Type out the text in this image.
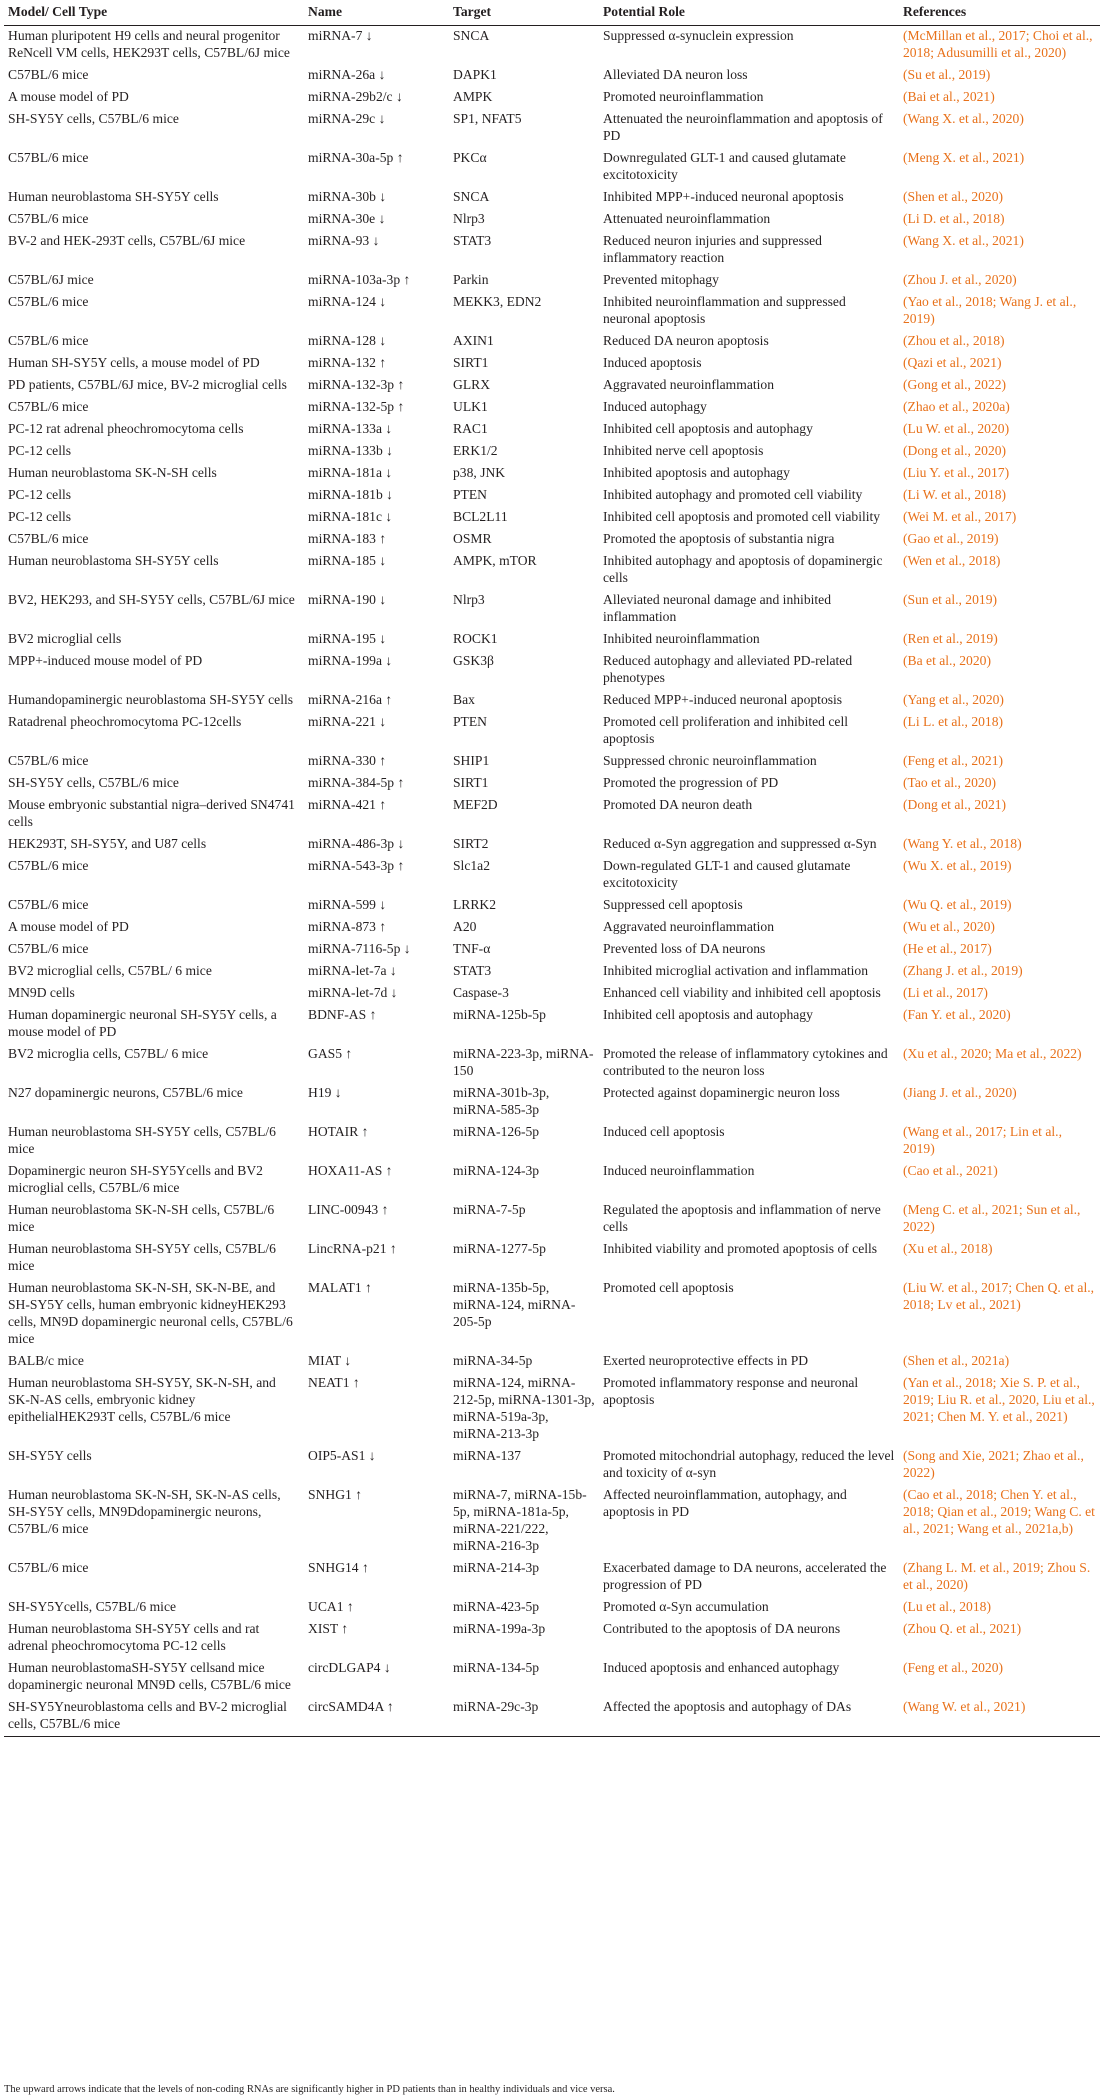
Model/ Cell Type	Name	Target	Potential Role	References
Human pluripotent H9 cells and neural progenitor ReNcell VM cells, HEK293T cells, C57BL/6J mice	miRNA-7 ↓	SNCA	Suppressed α-synuclein expression	(McMillan et al., 2017; Choi et al., 2018; Adusumilli et al., 2020)
C57BL/6 mice	miRNA-26a ↓	DAPK1	Alleviated DA neuron loss	(Su et al., 2019)
A mouse model of PD	miRNA-29b2/c ↓	AMPK	Promoted neuroinflammation	(Bai et al., 2021)
SH-SY5Y cells, C57BL/6 mice	miRNA-29c ↓	SP1, NFAT5	Attenuated the neuroinflammation and apoptosis of PD	(Wang X. et al., 2020)
C57BL/6 mice	miRNA-30a-5p ↑	PKCα	Downregulated GLT-1 and caused glutamate excitotoxicity	(Meng X. et al., 2021)
Human neuroblastoma SH-SY5Y cells	miRNA-30b ↓	SNCA	Inhibited MPP+-induced neuronal apoptosis	(Shen et al., 2020)
C57BL/6 mice	miRNA-30e ↓	Nlrp3	Attenuated neuroinflammation	(Li D. et al., 2018)
BV-2 and HEK-293T cells, C57BL/6J mice	miRNA-93 ↓	STAT3	Reduced neuron injuries and suppressed inflammatory reaction	(Wang X. et al., 2021)
C57BL/6J mice	miRNA-103a-3p ↑	Parkin	Prevented mitophagy	(Zhou J. et al., 2020)
C57BL/6 mice	miRNA-124 ↓	MEKK3, EDN2	Inhibited neuroinflammation and suppressed neuronal apoptosis	(Yao et al., 2018; Wang J. et al., 2019)
C57BL/6 mice	miRNA-128 ↓	AXIN1	Reduced DA neuron apoptosis	(Zhou et al., 2018)
Human SH-SY5Y cells, a mouse model of PD	miRNA-132 ↑	SIRT1	Induced apoptosis	(Qazi et al., 2021)
PD patients, C57BL/6J mice, BV-2 microglial cells	miRNA-132-3p ↑	GLRX	Aggravated neuroinflammation	(Gong et al., 2022)
C57BL/6 mice	miRNA-132-5p ↑	ULK1	Induced autophagy	(Zhao et al., 2020a)
PC-12 rat adrenal pheochromocytoma cells	miRNA-133a ↓	RAC1	Inhibited cell apoptosis and autophagy	(Lu W. et al., 2020)
PC-12 cells	miRNA-133b ↓	ERK1/2	Inhibited nerve cell apoptosis	(Dong et al., 2020)
Human neuroblastoma SK-N-SH cells	miRNA-181a ↓	p38, JNK	Inhibited apoptosis and autophagy	(Liu Y. et al., 2017)
PC-12 cells	miRNA-181b ↓	PTEN	Inhibited autophagy and promoted cell viability	(Li W. et al., 2018)
PC-12 cells	miRNA-181c ↓	BCL2L11	Inhibited cell apoptosis and promoted cell viability	(Wei M. et al., 2017)
C57BL/6 mice	miRNA-183 ↑	OSMR	Promoted the apoptosis of substantia nigra	(Gao et al., 2019)
Human neuroblastoma SH-SY5Y cells	miRNA-185 ↓	AMPK, mTOR	Inhibited autophagy and apoptosis of dopaminergic cells	(Wen et al., 2018)
BV2, HEK293, and SH-SY5Y cells, C57BL/6J mice	miRNA-190 ↓	Nlrp3	Alleviated neuronal damage and inhibited inflammation	(Sun et al., 2019)
BV2 microglial cells	miRNA-195 ↓	ROCK1	Inhibited neuroinflammation	(Ren et al., 2019)
MPP+-induced mouse model of PD	miRNA-199a ↓	GSK3β	Reduced autophagy and alleviated PD-related phenotypes	(Ba et al., 2020)
Humandopaminergic neuroblastoma SH-SY5Y cells	miRNA-216a ↑	Bax	Reduced MPP+-induced neuronal apoptosis	(Yang et al., 2020)
Ratadrenal pheochromocytoma PC-12cells	miRNA-221 ↓	PTEN	Promoted cell proliferation and inhibited cell apoptosis	(Li L. et al., 2018)
C57BL/6 mice	miRNA-330 ↑	SHIP1	Suppressed chronic neuroinflammation	(Feng et al., 2021)
SH-SY5Y cells, C57BL/6 mice	miRNA-384-5p ↑	SIRT1	Promoted the progression of PD	(Tao et al., 2020)
Mouse embryonic substantial nigra–derived SN4741 cells	miRNA-421 ↑	MEF2D	Promoted DA neuron death	(Dong et al., 2021)
HEK293T, SH-SY5Y, and U87 cells	miRNA-486-3p ↓	SIRT2	Reduced α-Syn aggregation and suppressed α-Syn	(Wang Y. et al., 2018)
C57BL/6 mice	miRNA-543-3p ↑	Slc1a2	Down-regulated GLT-1 and caused glutamate excitotoxicity	(Wu X. et al., 2019)
C57BL/6 mice	miRNA-599 ↓	LRRK2	Suppressed cell apoptosis	(Wu Q. et al., 2019)
A mouse model of PD	miRNA-873 ↑	A20	Aggravated neuroinflammation	(Wu et al., 2020)
C57BL/6 mice	miRNA-7116-5p ↓	TNF-α	Prevented loss of DA neurons	(He et al., 2017)
BV2 microglial cells, C57BL/ 6 mice	miRNA-let-7a ↓	STAT3	Inhibited microglial activation and inflammation	(Zhang J. et al., 2019)
MN9D cells	miRNA-let-7d ↓	Caspase-3	Enhanced cell viability and inhibited cell apoptosis	(Li et al., 2017)
Human dopaminergic neuronal SH-SY5Y cells, a mouse model of PD	BDNF-AS ↑	miRNA-125b-5p	Inhibited cell apoptosis and autophagy	(Fan Y. et al., 2020)
BV2 microglia cells, C57BL/ 6 mice	GAS5 ↑	miRNA-223-3p, miRNA-150	Promoted the release of inflammatory cytokines and contributed to the neuron loss	(Xu et al., 2020; Ma et al., 2022)
N27 dopaminergic neurons, C57BL/6 mice	H19 ↓	miRNA-301b-3p, miRNA-585-3p	Protected against dopaminergic neuron loss	(Jiang J. et al., 2020)
Human neuroblastoma SH-SY5Y cells, C57BL/6 mice	HOTAIR ↑	miRNA-126-5p	Induced cell apoptosis	(Wang et al., 2017; Lin et al., 2019)
Dopaminergic neuron SH-SY5Ycells and BV2 microglial cells, C57BL/6 mice	HOXA11-AS ↑	miRNA-124-3p	Induced neuroinflammation	(Cao et al., 2021)
Human neuroblastoma SK-N-SH cells, C57BL/6 mice	LINC-00943 ↑	miRNA-7-5p	Regulated the apoptosis and inflammation of nerve cells	(Meng C. et al., 2021; Sun et al., 2022)
Human neuroblastoma SH-SY5Y cells, C57BL/6 mice	LincRNA-p21 ↑	miRNA-1277-5p	Inhibited viability and promoted apoptosis of cells	(Xu et al., 2018)
Human neuroblastoma SK-N-SH, SK-N-BE, and SH-SY5Y cells, human embryonic kidneyHEK293 cells, MN9D dopaminergic neuronal cells, C57BL/6 mice	MALAT1 ↑	miRNA-135b-5p, miRNA-124, miRNA-205-5p	Promoted cell apoptosis	(Liu W. et al., 2017; Chen Q. et al., 2018; Lv et al., 2021)
BALB/c mice	MIAT ↓	miRNA-34-5p	Exerted neuroprotective effects in PD	(Shen et al., 2021a)
Human neuroblastoma SH-SY5Y, SK-N-SH, and SK-N-AS cells, embryonic kidney epithelialHEK293T cells, C57BL/6 mice	NEAT1 ↑	miRNA-124, miRNA-212-5p, miRNA-1301-3p, miRNA-519a-3p, miRNA-213-3p	Promoted inflammatory response and neuronal apoptosis	(Yan et al., 2018; Xie S. P. et al., 2019; Liu R. et al., 2020, Liu et al., 2021; Chen M. Y. et al., 2021)
SH-SY5Y cells	OIP5-AS1 ↓	miRNA-137	Promoted mitochondrial autophagy, reduced the level and toxicity of α-syn	(Song and Xie, 2021; Zhao et al., 2022)
Human neuroblastoma SK-N-SH, SK-N-AS cells, SH-SY5Y cells, MN9Ddopaminergic neurons, C57BL/6 mice	SNHG1 ↑	miRNA-7, miRNA-15b-5p, miRNA-181a-5p, miRNA-221/222, miRNA-216-3p	Affected neuroinflammation, autophagy, and apoptosis in PD	(Cao et al., 2018; Chen Y. et al., 2018; Qian et al., 2019; Wang C. et al., 2021; Wang et al., 2021a,b)
C57BL/6 mice	SNHG14 ↑	miRNA-214-3p	Exacerbated damage to DA neurons, accelerated the progression of PD	(Zhang L. M. et al., 2019; Zhou S. et al., 2020)
SH-SY5Ycells, C57BL/6 mice	UCA1 ↑	miRNA-423-5p	Promoted α-Syn accumulation	(Lu et al., 2018)
Human neuroblastoma SH-SY5Y cells and rat adrenal pheochromocytoma PC-12 cells	XIST ↑	miRNA-199a-3p	Contributed to the apoptosis of DA neurons	(Zhou Q. et al., 2021)
Human neuroblastomaSH-SY5Y cellsand mice dopaminergic neuronal MN9D cells, C57BL/6 mice	circDLGAP4 ↓	miRNA-134-5p	Induced apoptosis and enhanced autophagy	(Feng et al., 2020)
SH-SY5Yneuroblastoma cells and BV-2 microglial cells, C57BL/6 mice	circSAMD4A ↑	miRNA-29c-3p	Affected the apoptosis and autophagy of DAs	(Wang W. et al., 2021)
The upward arrows indicate that the levels of non-coding RNAs are significantly higher in PD patients than in healthy individuals and vice versa.
